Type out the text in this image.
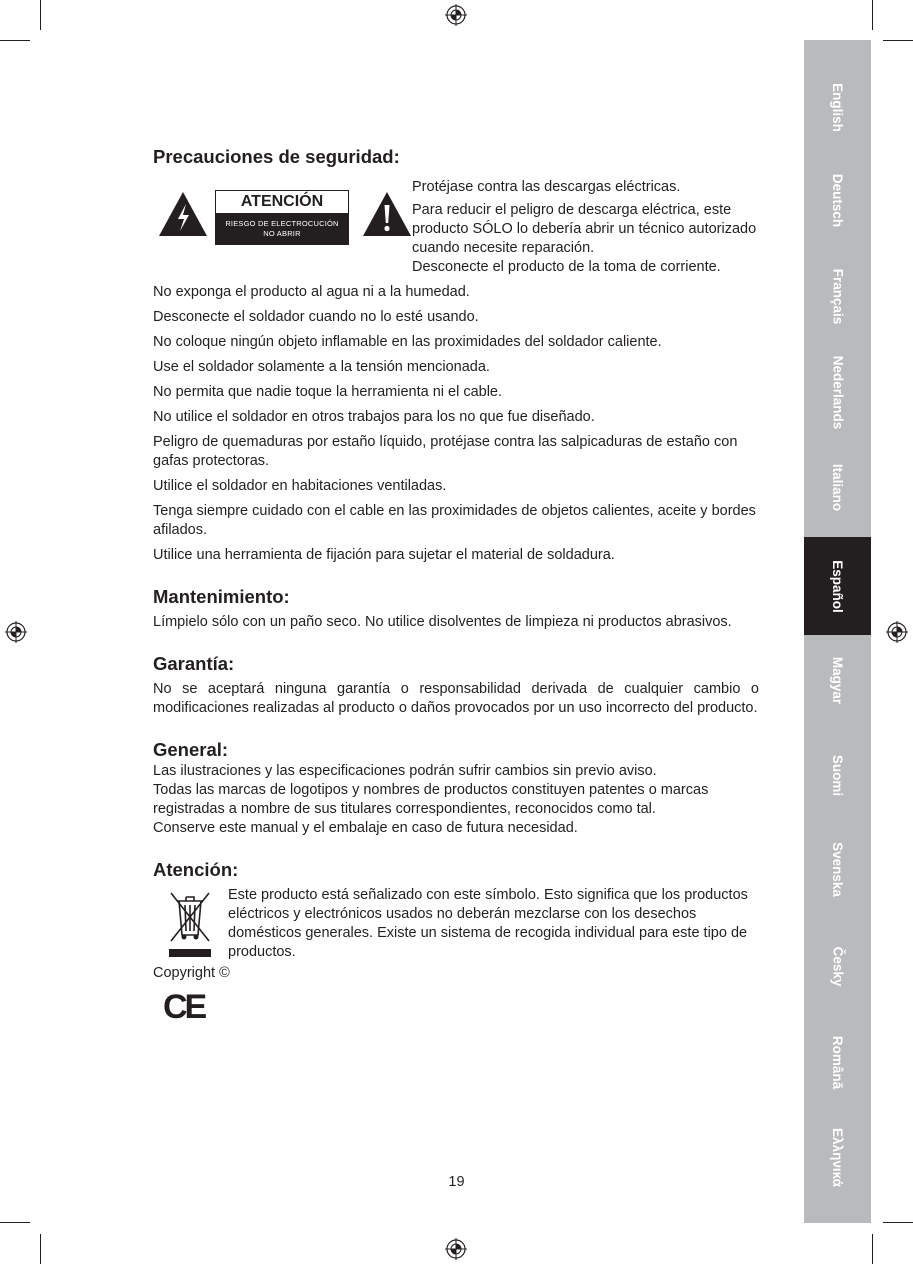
English
Deutsch
Français
Nederlands
Italiano
Español
Magyar
Suomi
Svenska
Česky
Română
Ελληνικά
Precauciones de seguridad:
ATENCIÓN
RIESGO DE ELECTROCUCIÓN
NO ABRIR

Protéjase contra las descargas eléctricas.

Para reducir el peligro de descarga eléctrica, este producto SÓLO lo debería abrir un técnico autorizado cuando necesite reparación.

Desconecte el producto de la toma de corriente.

No exponga el producto al agua ni a la humedad.

Desconecte el soldador cuando no lo esté usando.

No coloque ningún objeto inflamable en las proximidades del soldador caliente.

Use el soldador solamente a la tensión mencionada.

No permita que nadie toque la herramienta ni el cable.

No utilice el soldador en otros trabajos para los no que fue diseñado.

Peligro de quemaduras por estaño líquido, protéjase contra las salpicaduras de estaño con gafas protectoras.

Utilice el soldador en habitaciones ventiladas.

Tenga siempre cuidado con el cable en las proximidades de objetos calientes, aceite y bordes afilados.

Utilice una herramienta de fijación para sujetar el material de soldadura.

Mantenimiento:

Límpielo sólo con un paño seco. No utilice disolventes de limpieza ni productos abrasivos.

Garantía:

No se aceptará ninguna garantía o responsabilidad derivada de cualquier cambio o modificaciones realizadas al producto o daños provocados por un uso incorrecto del producto.

General:

Las ilustraciones y las especificaciones podrán sufrir cambios sin previo aviso.

Todas las marcas de logotipos y nombres de productos constituyen patentes o marcas registradas a nombre de sus titulares correspondientes, reconocidos como tal.

Conserve este manual y el embalaje en caso de futura necesidad.

Atención:

Este producto está señalizado con este símbolo. Esto significa que los productos eléctricos y electrónicos usados no deberán mezclarse con los desechos domésticos generales. Existe un sistema de recogida individual para este tipo de productos.

Copyright ©

CE
19
